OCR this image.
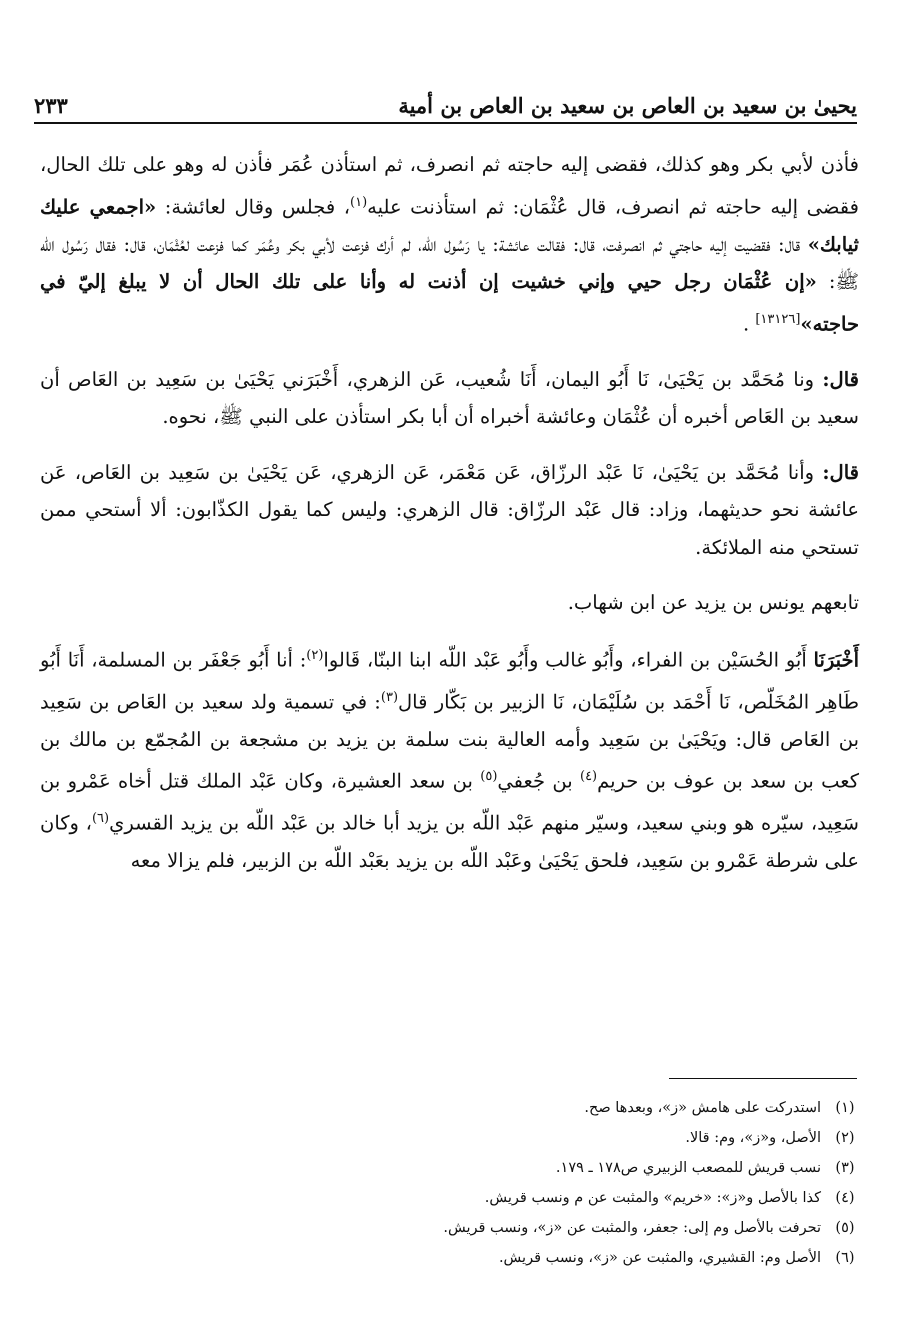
يحيىٰ بن سعيد بن العاص بن سعيد بن العاص بن أمية
٢٣٣

فأذن لأبي بكر وهو كذلك، فقضى إليه حاجته ثم انصرف، ثم استأذن عُمَر فأذن له وهو على تلك الحال، فقضى إليه حاجته ثم انصرف، قال عُثْمَان: ثم استأذنت عليه$^{(١)}$، فجلس وقال لعائشة: «اجمعي عليك ثيابك» قال: فقضيت إليه حاجتي ثم انصرفت، قال: فقالت عائشة: يا رَسُول الله، لم أرك فزعت لأبي بكر وعُمَر كما فزعت لعُثْمَان، قال: فقال رَسُول الله ﷺ: «إن عُثْمَان رجل حيي وإني خشيت إن أذنت له وأنا على تلك الحال أن لا يبلغ إليّ في حاجته»[١٣١٢٦] .

قال: ونا مُحَمَّد بن يَحْيَىٰ، نَا أَبُو اليمان، أَنَا شُعيب، عَن الزهري، أَخْبَرَني يَحْيَىٰ بن سَعِيد بن العَاص أن سعيد بن العَاص أخبره أن عُثْمَان وعائشة أخبراه أن أبا بكر استأذن على النبي ﷺ، نحوه.

قال: وأنا مُحَمَّد بن يَحْيَىٰ، نَا عَبْد الرزّاق، عَن مَعْمَر، عَن الزهري، عَن يَحْيَىٰ بن سَعِيد بن العَاص، عَن عائشة نحو حديثهما، وزاد: قال عَبْد الرزّاق: قال الزهري: وليس كما يقول الكذّابون: ألا أستحي ممن تستحي منه الملائكة.

تابعهم يونس بن يزيد عن ابن شهاب.

أَخْبَرَنَا أَبُو الحُسَيْن بن الفراء، وأَبُو غالب وأَبُو عَبْد اللّه ابنا البنّا، قَالوا$^{(٢)}$: أنا أَبُو جَعْفَر بن المسلمة، أَنَا أَبُو طَاهِر المُخَلّص، نَا أَحْمَد بن سُلَيْمَان، نَا الزبير بن بَكّار قال$^{(٣)}$: في تسمية ولد سعيد بن العَاص بن سَعِيد بن العَاص قال: ويَحْيَىٰ بن سَعِيد وأمه العالية بنت سلمة بن يزيد بن مشجعة بن المُجمّع بن مالك بن كعب بن سعد بن عوف بن حريم$^{(٤)}$ بن جُعفي$^{(٥)}$ بن سعد العشيرة، وكان عَبْد الملك قتل أخاه عَمْرو بن سَعِيد، سيّره هو وبني سعيد، وسيّر منهم عَبْد اللّه بن يزيد أبا خالد بن عَبْد اللّه بن يزيد القسري$^{(٦)}$، وكان على شرطة عَمْرو بن سَعِيد، فلحق يَحْيَىٰ وعَبْد اللّه بن يزيد بعَبْد اللّه بن الزبير، فلم يزالا معه

(١)
استدركت على هامش «ز»، وبعدها صح.
(٢)
الأصل، و«ز»، وم: قالا.
(٣)
نسب قريش للمصعب الزبيري ص١٧٨ ـ ١٧٩.
(٤)
كذا بالأصل و«ز»: «خريم» والمثبت عن م ونسب قريش.
(٥)
تحرفت بالأصل وم إلى: جعفر، والمثبت عن «ز»، ونسب قريش.
(٦)
الأصل وم: القشيري، والمثبت عن «ز»، ونسب قريش.
